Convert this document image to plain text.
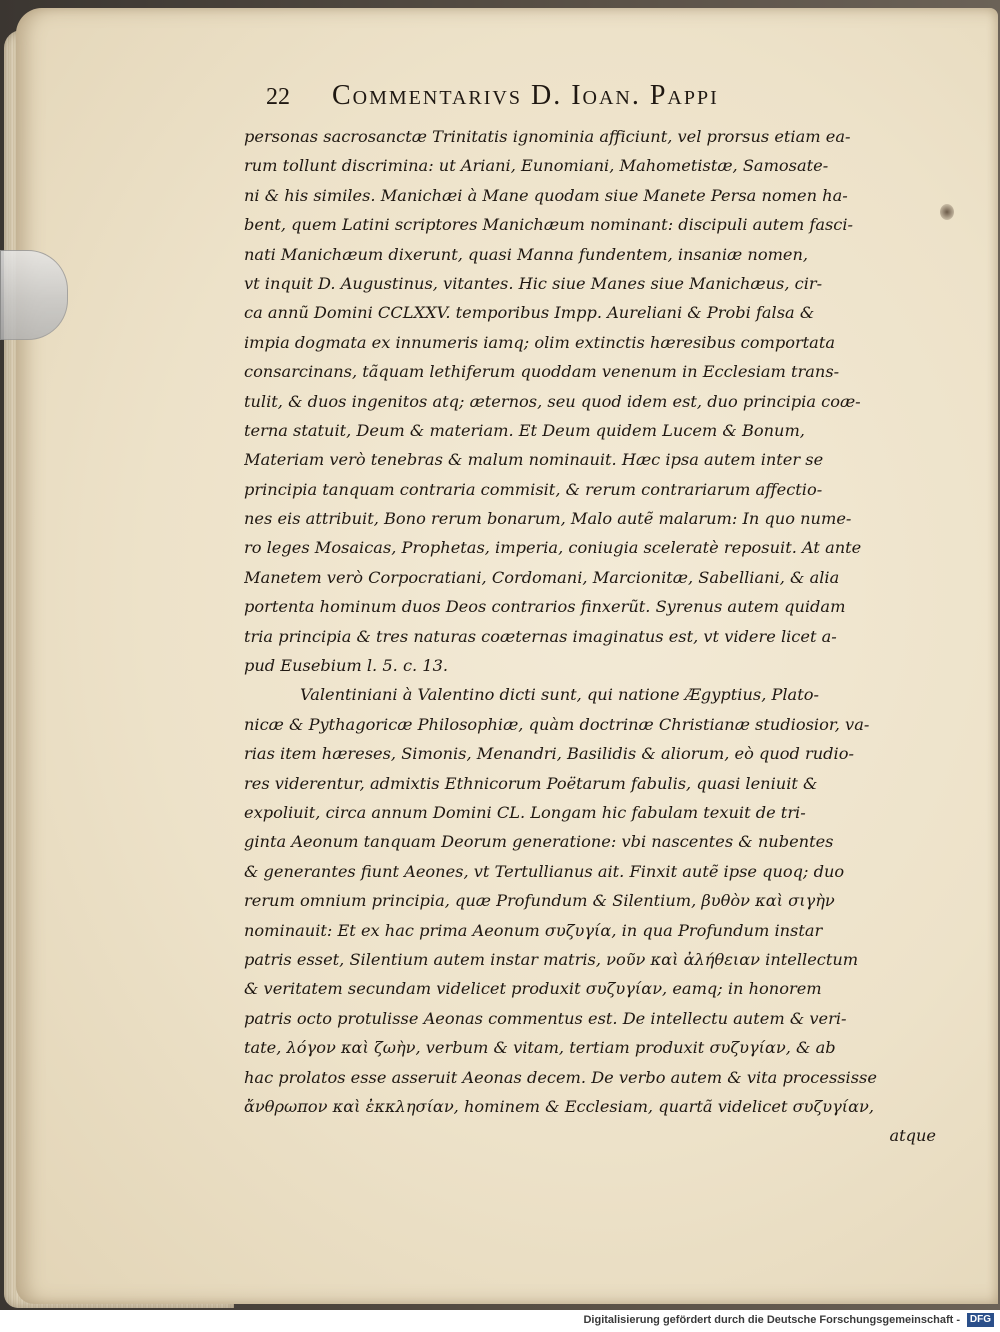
22	Commentarivs D. Ioan. Pappi
personas sacrosanctæ Trinitatis ignominia afficiunt, vel prorsus etiam ea-
rum tollunt discrimina: ut Ariani, Eunomiani, Mahometistæ, Samosate-
ni & his similes. Manichæi à Mane quodam siue Manete Persa nomen ha-
bent, quem Latini scriptores Manichæum nominant: discipuli autem fasci-
nati Manichæum dixerunt, quasi Manna fundentem, insaniæ nomen,
vt inquit D. Augustinus, vitantes. Hic siue Manes siue Manichæus, cir-
ca annũ Domini CCLXXV. temporibus Impp. Aureliani & Probi falsa &
impia dogmata ex innumeris iamq; olim extinctis hæresibus comportata
consarcinans, tãquam lethiferum quoddam venenum in Ecclesiam trans-
tulit, & duos ingenitos atq; æternos, seu quod idem est, duo principia coæ-
terna statuit, Deum & materiam. Et Deum quidem Lucem & Bonum,
Materiam verò tenebras & malum nominauit. Hæc ipsa autem inter se
principia tanquam contraria commisit, & rerum contrariarum affectio-
nes eis attribuit, Bono rerum bonarum, Malo autẽ malarum: In quo nume-
ro leges Mosaicas, Prophetas, imperia, coniugia sceleratè reposuit. At ante
Manetem verò Corpocratiani, Cordomani, Marcionitæ, Sabelliani, & alia
portenta hominum duos Deos contrarios finxerũt. Syrenus autem quidam
tria principia & tres naturas coæternas imaginatus est, vt videre licet a-
pud Eusebium l. 5. c. 13.
Valentiniani à Valentino dicti sunt, qui natione Ægyptius, Plato-
nicæ & Pythagoricæ Philosophiæ, quàm doctrinæ Christianæ studiosior, va-
rias item hæreses, Simonis, Menandri, Basilidis & aliorum, eò quod rudio-
res viderentur, admixtis Ethnicorum Poëtarum fabulis, quasi leniuit &
expoliuit, circa annum Domini CL. Longam hic fabulam texuit de tri-
ginta Aeonum tanquam Deorum generatione: vbi nascentes & nubentes
& generantes fiunt Aeones, vt Tertullianus ait. Finxit autẽ ipse quoq; duo
rerum omnium principia, quæ Profundum & Silentium, βυθὸν καὶ σιγὴν
nominauit: Et ex hac prima Aeonum συζυγία, in qua Profundum instar
patris esset, Silentium autem instar matris, νοῦν καὶ ἀλήθειαν intellectum
& veritatem secundam videlicet produxit συζυγίαν, eamq; in honorem
patris octo protulisse Aeonas commentus est. De intellectu autem & veri-
tate, λόγον καὶ ζωὴν, verbum & vitam, tertiam produxit συζυγίαν, & ab
hac prolatos esse asseruit Aeonas decem. De verbo autem & vita processisse
ἄνθρωπον καὶ ἐκκλησίαν, hominem & Ecclesiam, quartã videlicet συζυγίαν,
atque
Digitalisierung gefördert durch die Deutsche Forschungsgemeinschaft - DFG
